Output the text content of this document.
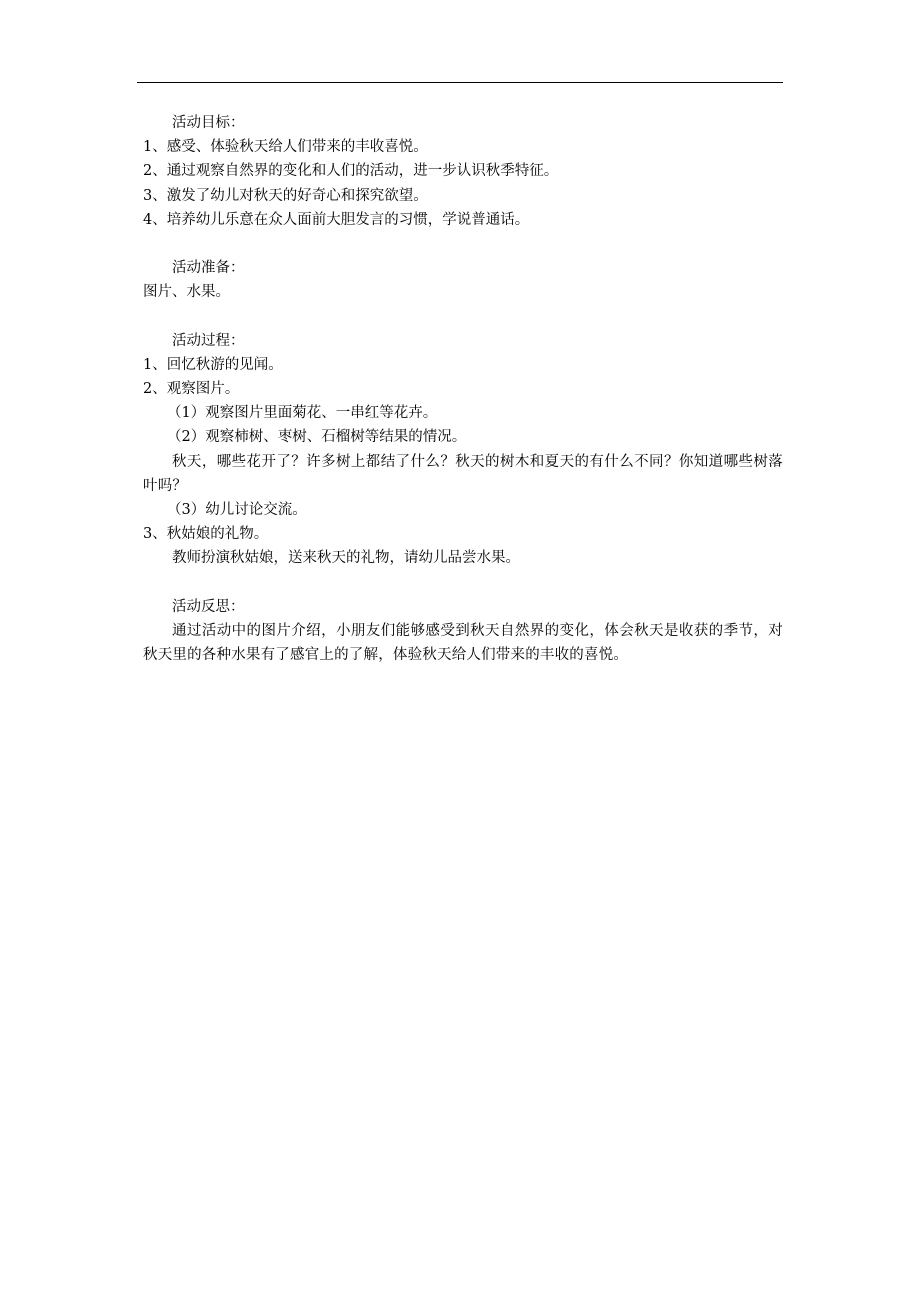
活动目标：
1、感受、体验秋天给人们带来的丰收喜悦。
2、通过观察自然界的变化和人们的活动，进一步认识秋季特征。
3、激发了幼儿对秋天的好奇心和探究欲望。
4、培养幼儿乐意在众人面前大胆发言的习惯，学说普通话。
活动准备：
图片、水果。
活动过程：
1、回忆秋游的见闻。
2、观察图片。
（1）观察图片里面菊花、一串红等花卉。
（2）观察柿树、枣树、石榴树等结果的情况。
秋天，哪些花开了？许多树上都结了什么？秋天的树木和夏天的有什么不同？你知道哪些树落叶吗？
（3）幼儿讨论交流。
3、秋姑娘的礼物。
教师扮演秋姑娘，送来秋天的礼物，请幼儿品尝水果。
活动反思：
通过活动中的图片介绍，小朋友们能够感受到秋天自然界的变化，体会秋天是收获的季节，对秋天里的各种水果有了感官上的了解，体验秋天给人们带来的丰收的喜悦。
